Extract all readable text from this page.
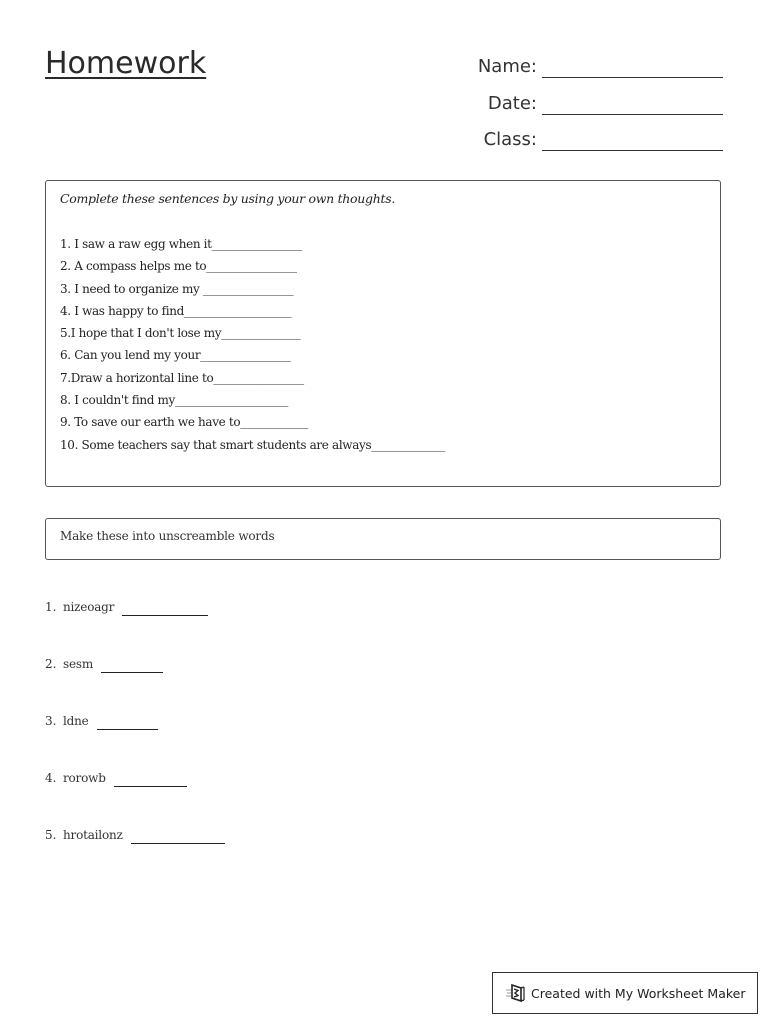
Homework	Name:
Date:
Class:
Complete these sentences by using your own thoughts.
1. I saw a raw egg when it________________
2. A compass helps me to________________
3. I need to organize my ________________
4. I was happy to find___________________
5.I hope that I don't lose my______________
6. Can you lend my your________________
7.Draw a horizontal line to________________
8. I couldn't find my____________________
9. To save our earth we have to____________
10. Some teachers say that smart students are always_____________
Make these into unscreamble words
1. nizeoagr
2. sesm
3. ldne
4. rorowb
5. hrotailonz
Created with My Worksheet Maker
